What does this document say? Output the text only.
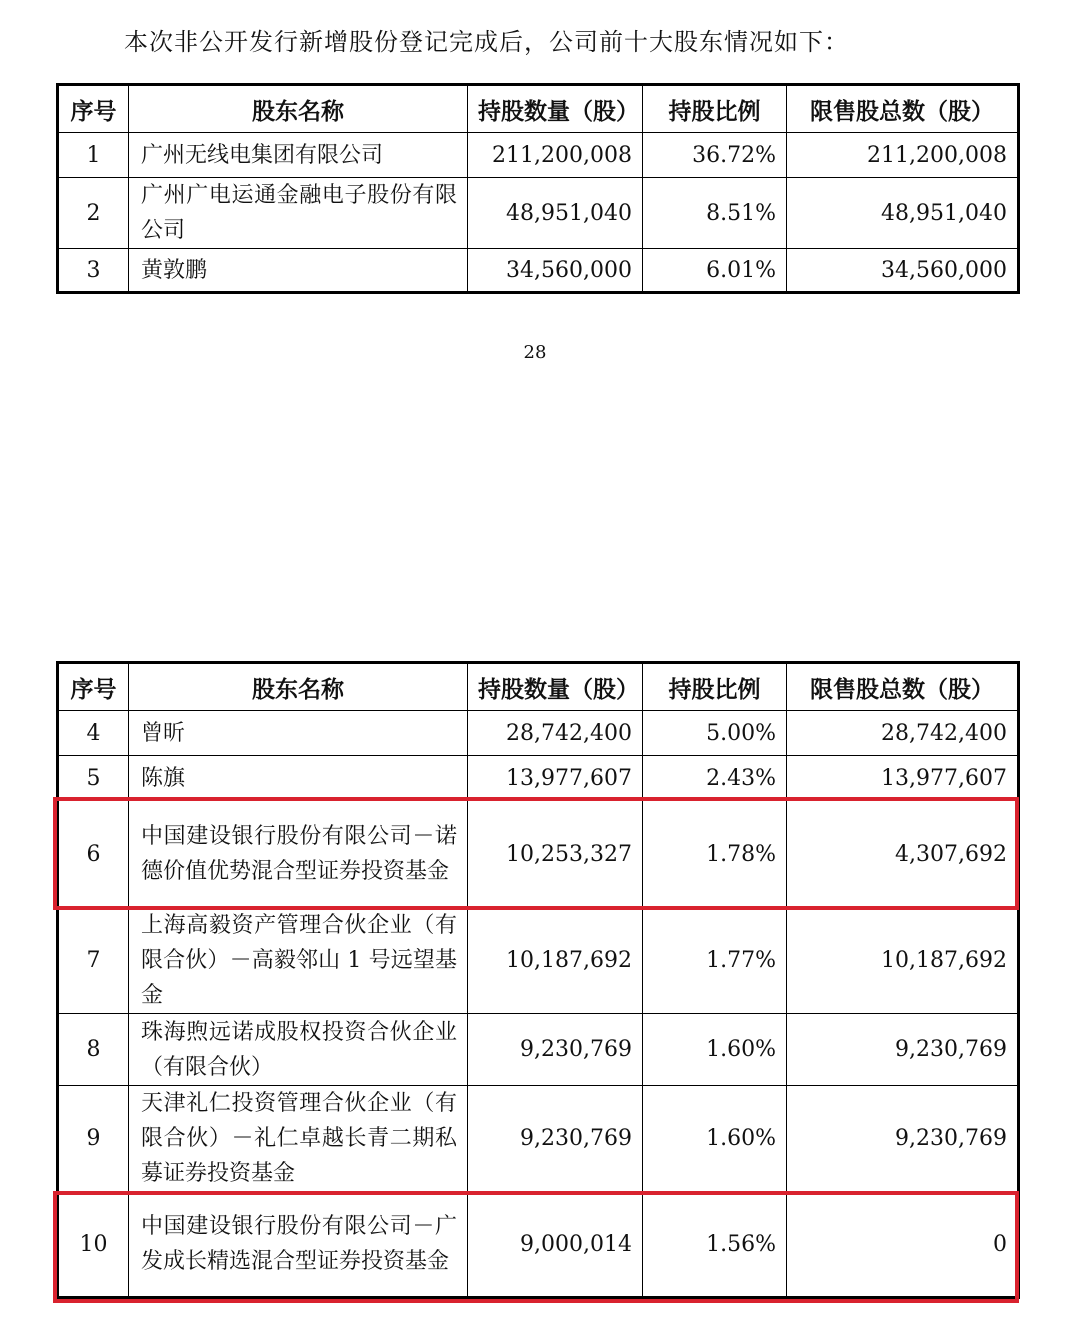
本次非公开发行新增股份登记完成后，公司前十大股东情况如下：
序号	股东名称	持股数量（股）	持股比例	限售股总数（股）
1	广州无线电集团有限公司	211,200,008	36.72%	211,200,008
2	广州广电运通金融电子股份有限公司	48,951,040	8.51%	48,951,040
3	黄敦鹏	34,560,000	6.01%	34,560,000
28
序号	股东名称	持股数量（股）	持股比例	限售股总数（股）
4	曾昕	28,742,400	5.00%	28,742,400
5	陈旗	13,977,607	2.43%	13,977,607
6	中国建设银行股份有限公司－诺德价值优势混合型证券投资基金	10,253,327	1.78%	4,307,692
7	上海高毅资产管理合伙企业（有限合伙）－高毅邻山 1 号远望基金	10,187,692	1.77%	10,187,692
8	珠海煦远诺成股权投资合伙企业（有限合伙）	9,230,769	1.60%	9,230,769
9	天津礼仁投资管理合伙企业（有限合伙）－礼仁卓越长青二期私募证券投资基金	9,230,769	1.60%	9,230,769
10	中国建设银行股份有限公司－广发成长精选混合型证券投资基金	9,000,014	1.56%	0
